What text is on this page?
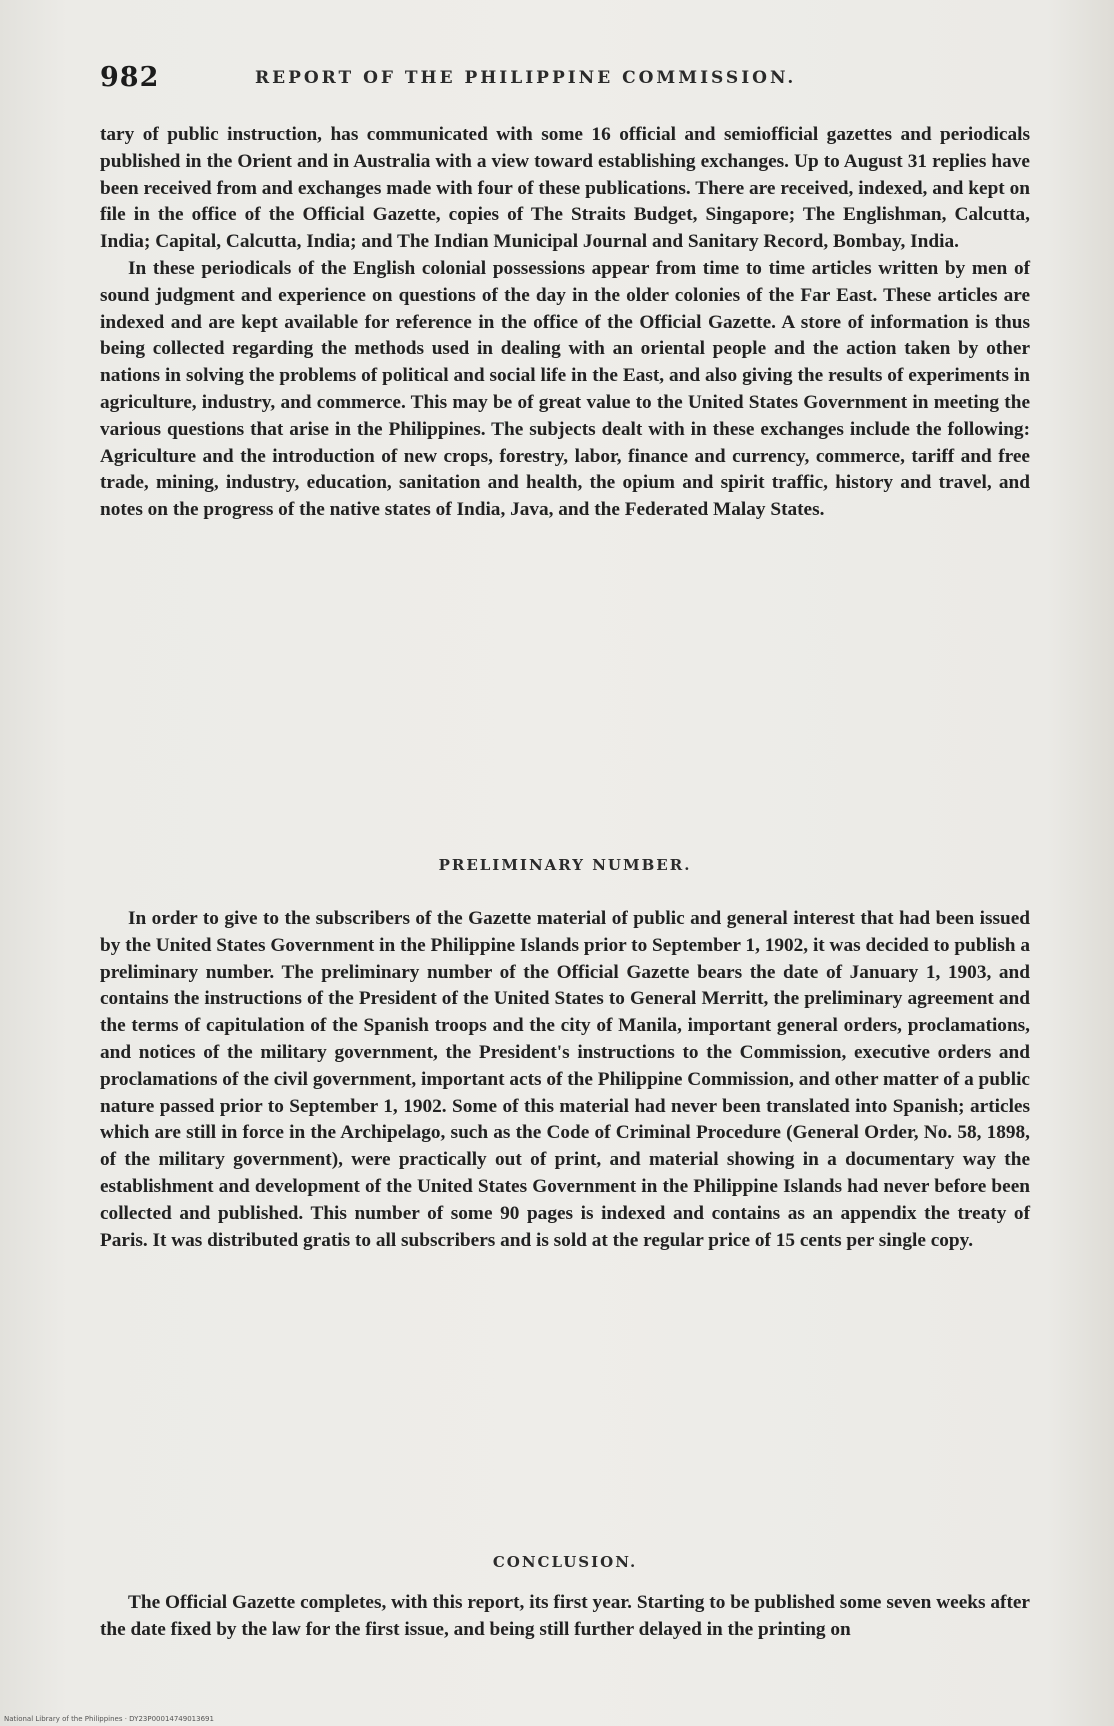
982	REPORT OF THE PHILIPPINE COMMISSION.

tary of public instruction, has communicated with some 16 official and semiofficial gazettes and periodicals published in the Orient and in Australia with a view toward establishing exchanges. Up to August 31 replies have been received from and exchanges made with four of these publications. There are received, indexed, and kept on file in the office of the Official Gazette, copies of The Straits Budget, Singapore; The Englishman, Calcutta, India; Capital, Calcutta, India; and The Indian Municipal Journal and Sanitary Record, Bombay, India.

In these periodicals of the English colonial possessions appear from time to time articles written by men of sound judgment and experience on questions of the day in the older colonies of the Far East. These articles are indexed and are kept available for reference in the office of the Official Gazette. A store of information is thus being collected regarding the methods used in dealing with an oriental people and the action taken by other nations in solving the problems of political and social life in the East, and also giving the results of experiments in agriculture, industry, and commerce. This may be of great value to the United States Government in meeting the various questions that arise in the Philippines. The subjects dealt with in these exchanges include the following: Agriculture and the introduction of new crops, forestry, labor, finance and currency, commerce, tariff and free trade, mining, industry, education, sanitation and health, the opium and spirit traffic, history and travel, and notes on the progress of the native states of India, Java, and the Federated Malay States.

PRELIMINARY NUMBER.

In order to give to the subscribers of the Gazette material of public and general interest that had been issued by the United States Government in the Philippine Islands prior to September 1, 1902, it was decided to publish a preliminary number. The preliminary number of the Official Gazette bears the date of January 1, 1903, and contains the instructions of the President of the United States to General Merritt, the preliminary agreement and the terms of capitulation of the Spanish troops and the city of Manila, important general orders, proclamations, and notices of the military government, the President's instructions to the Commission, executive orders and proclamations of the civil government, important acts of the Philippine Commission, and other matter of a public nature passed prior to September 1, 1902. Some of this material had never been translated into Spanish; articles which are still in force in the Archipelago, such as the Code of Criminal Procedure (General Order, No. 58, 1898, of the military government), were practically out of print, and material showing in a documentary way the establishment and development of the United States Government in the Philippine Islands had never before been collected and published. This number of some 90 pages is indexed and contains as an appendix the treaty of Paris. It was distributed gratis to all subscribers and is sold at the regular price of 15 cents per single copy.

CONCLUSION.

The Official Gazette completes, with this report, its first year. Starting to be published some seven weeks after the date fixed by the law for the first issue, and being still further delayed in the printing on

National Library of the Philippines · DY23P00014749013691
